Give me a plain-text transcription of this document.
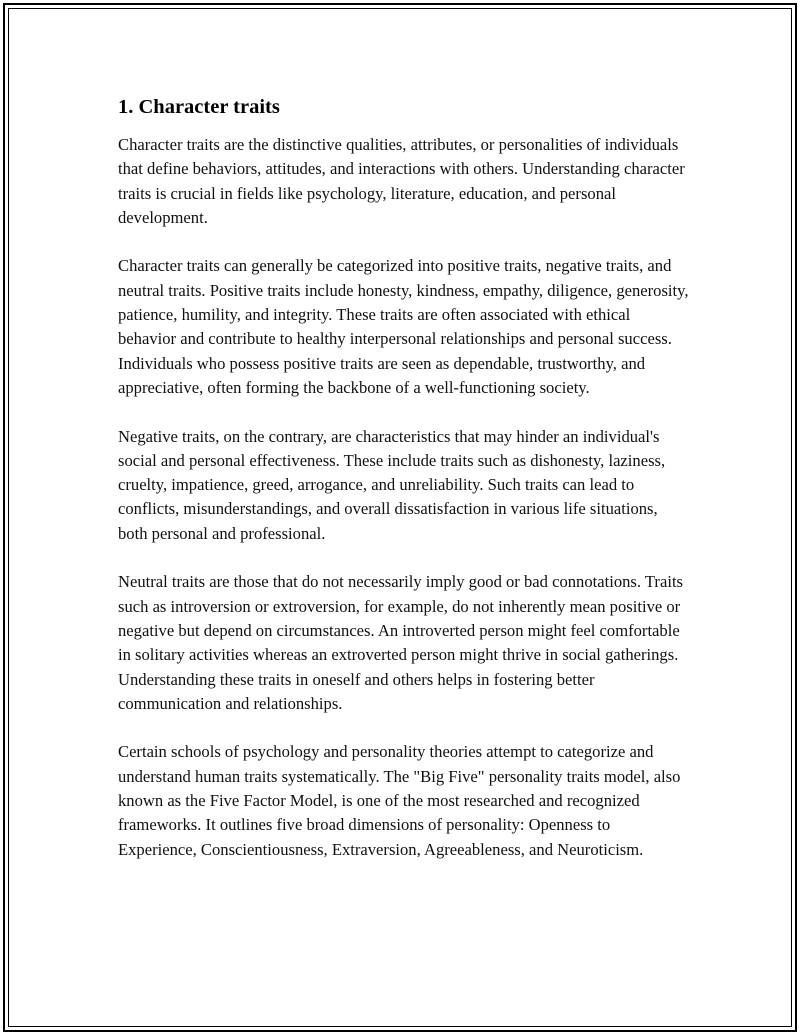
1. Character traits

Character traits are the distinctive qualities, attributes, or personalities of individuals that define behaviors, attitudes, and interactions with others. Understanding character traits is crucial in fields like psychology, literature, education, and personal development.

Character traits can generally be categorized into positive traits, negative traits, and neutral traits. Positive traits include honesty, kindness, empathy, diligence, generosity, patience, humility, and integrity. These traits are often associated with ethical behavior and contribute to healthy interpersonal relationships and personal success. Individuals who possess positive traits are seen as dependable, trustworthy, and appreciative, often forming the backbone of a well-functioning society.

Negative traits, on the contrary, are characteristics that may hinder an individual's social and personal effectiveness. These include traits such as dishonesty, laziness, cruelty, impatience, greed, arrogance, and unreliability. Such traits can lead to conflicts, misunderstandings, and overall dissatisfaction in various life situations, both personal and professional.

Neutral traits are those that do not necessarily imply good or bad connotations. Traits such as introversion or extroversion, for example, do not inherently mean positive or negative but depend on circumstances. An introverted person might feel comfortable in solitary activities whereas an extroverted person might thrive in social gatherings. Understanding these traits in oneself and others helps in fostering better communication and relationships.

Certain schools of psychology and personality theories attempt to categorize and understand human traits systematically. The "Big Five" personality traits model, also known as the Five Factor Model, is one of the most researched and recognized frameworks. It outlines five broad dimensions of personality: Openness to Experience, Conscientiousness, Extraversion, Agreeableness, and Neuroticism.
